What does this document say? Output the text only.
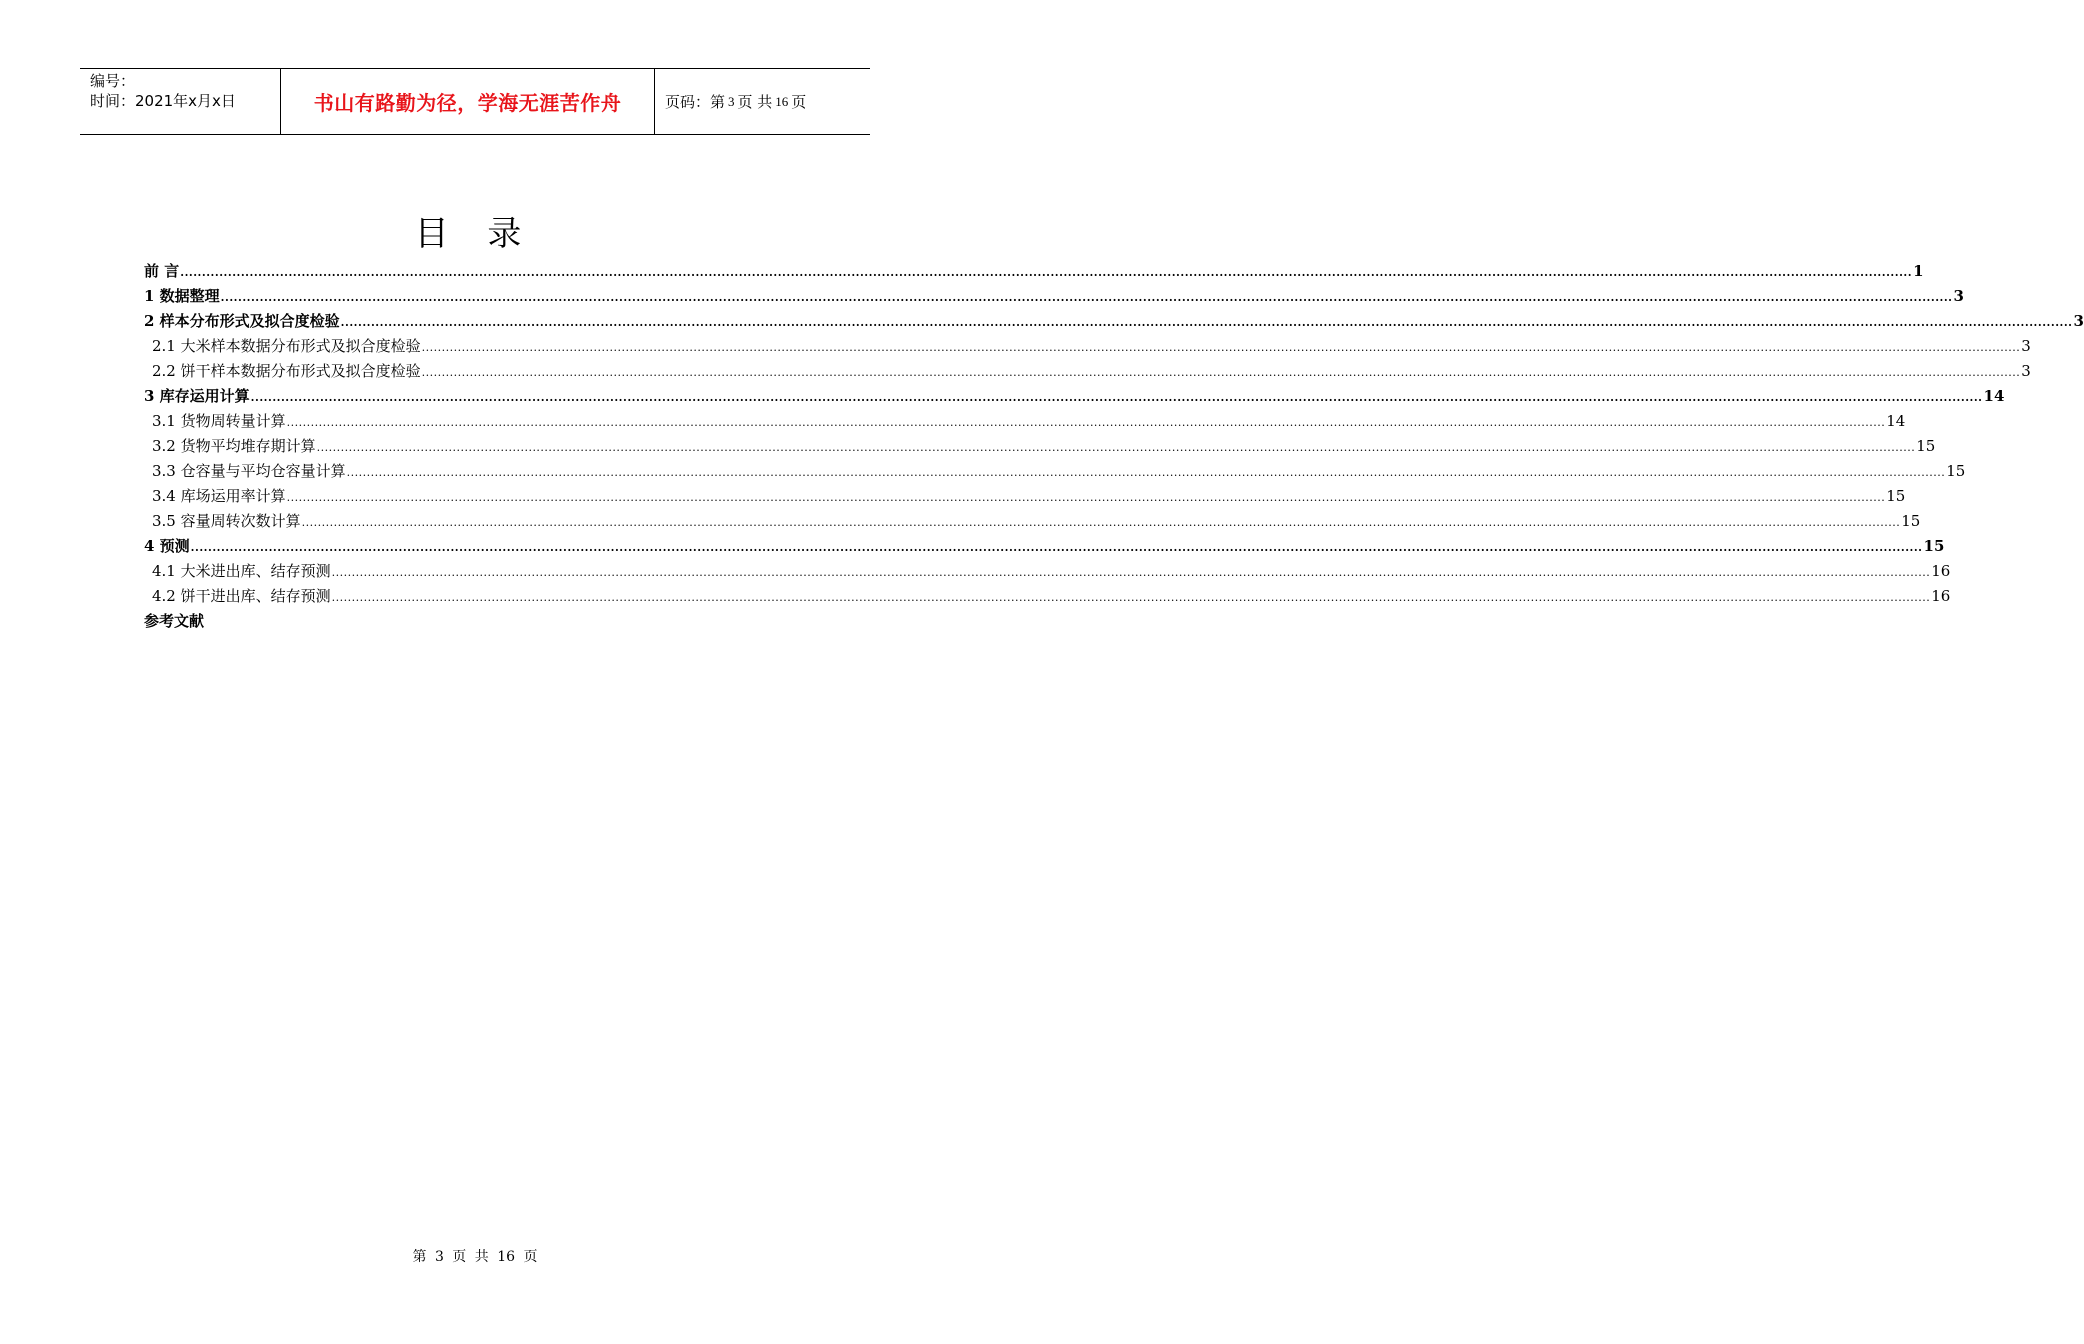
编号：
时间：2021年x月x日	书山有路勤为径，学海无涯苦作舟	页码：第 3 页 共 16 页
目 录
前 言 ................................................................................................................................................................................................................................................................................................................................................................................................................ 1
1 数据整理 ................................................................................................................................................................................................................................................................................................................................................................................................................ 3
2 样本分布形式及拟合度检验 ................................................................................................................................................................................................................................................................................................................................................................................................................ 3
2.1 大米样本数据分布形式及拟合度检验 ................................................................................................................................................................................................................................................................................................................................................................................................................ 3
2.2 饼干样本数据分布形式及拟合度检验 ................................................................................................................................................................................................................................................................................................................................................................................................................ 3
3 库存运用计算 ................................................................................................................................................................................................................................................................................................................................................................................................................ 14
3.1 货物周转量计算 ................................................................................................................................................................................................................................................................................................................................................................................................................ 14
3.2 货物平均堆存期计算 ................................................................................................................................................................................................................................................................................................................................................................................................................ 15
3.3 仓容量与平均仓容量计算 ................................................................................................................................................................................................................................................................................................................................................................................................................ 15
3.4 库场运用率计算 ................................................................................................................................................................................................................................................................................................................................................................................................................ 15
3.5 容量周转次数计算 ................................................................................................................................................................................................................................................................................................................................................................................................................ 15
4 预测 ................................................................................................................................................................................................................................................................................................................................................................................................................ 15
4.1 大米进出库、结存预测 ................................................................................................................................................................................................................................................................................................................................................................................................................ 16
4.2 饼干进出库、结存预测 ................................................................................................................................................................................................................................................................................................................................................................................................................ 16
参考文献
第 3 页 共 16 页
